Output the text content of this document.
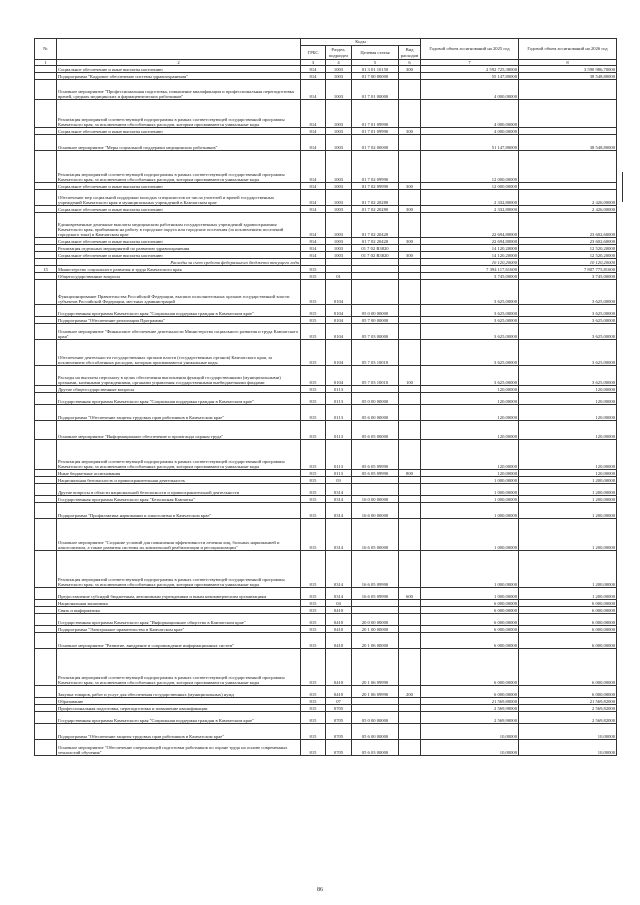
№		Коды				Годовой объем ассигнований на 2025 год	Годовой объем ассигнований на 2026 год
		ГРБС	Раздел, подраздел	Целевая статья	Вид расходов		
1	2	3	4	5	6	7	8
	Социальное обеспечение и иные выплаты населению	814	1003	01 3 01 10150	300	2 592 725,38000	3 590 986,70000
	Подпрограмма "Кадровое обеспечение системы здравоохранения"	814	1003	01 7 00 00000		55 147,80000	38 548,80000
	Основное мероприятие "Профессиональная подготовка, повышение квалификации и профессиональная переподготовка врачей, средних медицинских и фармацевтических работников"	814	1003	01 7 01 00000		4 000,00000	
	Реализация мероприятий соответствующей подпрограммы в рамках соответствующей государственной программы Камчатского края, за исключением обособленных расходов, которым присваиваются уникальные коды	814	1003	01 7 01 09990		4 000,00000	
	Социальное обеспечение и иные выплаты населению	814	1003	01 7 01 09990	300	4 000,00000	
	Основное мероприятие "Меры социальной поддержки медицинских работников"	814	1003	01 7 02 00000		51 147,80000	38 548,80000
	Реализация мероприятий соответствующей подпрограммы в рамках соответствующей государственной программы Камчатского края, за исключением обособленных расходов, которым присваиваются уникальные коды	814	1003	01 7 02 09990		12 000,00000	
	Социальное обеспечение и иные выплаты населению	814	1003	01 7 02 09990	300	12 000,00000	
	Обеспечение мер социальной поддержки молодых специалистов из числа учителей и врачей государственных учреждений Камчатского края и муниципальных учреждений в Камчатском крае	814	1003	01 7 02 20280		2 332,80000	2 426,00000
	Социальное обеспечение и иные выплаты населению	814	1003	01 7 02 20280	300	2 332,80000	2 426,00000
	Единовременные денежные выплаты медицинским работникам государственных учреждений здравоохранения Камчатского края, прибывшим на работу в городские округа или городские поселения (за исключением поселений городского типа) в Камчатском крае	814	1003	01 7 02 20420		22 694,80000	23 602,60000
	Социальное обеспечение и иные выплаты населению	814	1003	01 7 02 20420	300	22 694,80000	23 602,60000
	Реализация отдельных мероприятий по развитию здравоохранения	814	1003	01 7 02 R3820		14 120,20000	12 520,20000
	Социальное обеспечение и иные выплаты населению	814	1003	01 7 02 R3820	300	14 120,20000	12 520,20000
	Расходы за счет средств федерального бюджета текущего года					10 120,20000	10 120,20000
15	Министерство социального развития и труда Камчатского края	815				7 394 117,61600	7 807 775,81600
	Общегосударственные вопросы	815	01			3 745,00000	3 745,00000
	Функционирование Правительства Российской Федерации, высших исполнительных органов государственной власти субъектов Российской Федерации, местных администраций	815	0104			3 625,00000	3 625,00000
	Государственная программа Камчатского края "Социальная поддержка граждан в Камчатском крае"	815	0104	05 0 00 00000		3 625,00000	3 625,00000
	Подпрограмма "Обеспечение реализации Программы"	815	0104	05 7 00 00000		3 625,00000	3 625,00000
	Основное мероприятие "Финансовое обеспечение деятельности Министерства социального развития и труда Камчатского края"	815	0104	05 7 03 00000		3 625,00000	3 625,00000
	Обеспечение деятельности государственных органов власти (государственных органов) Камчатского края, за исключением обособленных расходов, которым присваиваются уникальные коды	815	0104	05 7 03 10010		3 625,00000	3 625,00000
	Расходы на выплаты персоналу в целях обеспечения выполнения функций государственными (муниципальными) органами, казенными учреждениями, органами управления государственными внебюджетными фондами	815	0104	05 7 03 10010	100	3 625,00000	3 625,00000
	Другие общегосударственные вопросы	815	0113			120,00000	120,00000
	Государственная программа Камчатского края "Социальная поддержка граждан в Камчатском крае"	815	0113	05 0 00 00000		120,00000	120,00000
	Подпрограмма "Обеспечение защиты трудовых прав работников в Камчатском крае"	815	0113	05 6 00 00000		120,00000	120,00000
	Основное мероприятие "Информационное обеспечение и пропаганда охраны труда"	815	0113	05 6 05 00000		120,00000	120,00000
	Реализация мероприятий соответствующей подпрограммы в рамках соответствующей государственной программы Камчатского края, за исключением обособленных расходов, которым присваиваются уникальные коды	815	0113	05 6 05 09990		120,00000	120,00000
	Иные бюджетные ассигнования	815	0113	05 6 05 09990	800	120,00000	120,00000
	Национальная безопасность и правоохранительная деятельность	815	03			1 000,00000	1 200,00000
	Другие вопросы в области национальной безопасности и правоохранительной деятельности	815	0314			1 000,00000	1 200,00000
	Государственная программа Камчатского края "Безопасная Камчатка"	815	0314	16 0 00 00000		1 000,00000	1 200,00000
	Подпрограмма "Профилактика наркомании и алкоголизма в Камчатском крае"	815	0314	16 6 00 00000		1 000,00000	1 200,00000
	Основное мероприятие "Создание условий для повышения эффективности лечения лиц, больных наркоманией и алкоголизмом, а также развития системы их комплексной реабилитации и ресоциализации"	815	0314	16 6 05 00000		1 000,00000	1 200,00000
	Реализация мероприятий соответствующей подпрограммы в рамках соответствующей государственной программы Камчатского края, за исключением обособленных расходов, которым присваиваются уникальные коды	815	0314	16 6 05 09990		1 000,00000	1 200,00000
	Предоставление субсидий бюджетным, автономным учреждениям и иным некоммерческим организациям	815	0314	16 6 05 09990	600	1 000,00000	1 200,00000
	Национальная экономика	815	04			6 000,00000	6 000,00000
	Связь и информатика	815	0410			6 000,00000	6 000,00000
	Государственная программа Камчатского края "Информационное общество в Камчатском крае"	815	0410	20 0 00 00000		6 000,00000	6 000,00000
	Подпрограмма "Электронное правительство в Камчатском крае"	815	0410	20 1 00 00000		6 000,00000	6 000,00000
	Основное мероприятие "Развитие, внедрение и сопровождение информационных систем"	815	0410	20 1 06 00000		6 000,00000	6 000,00000
	Реализация мероприятий соответствующей подпрограммы в рамках соответствующей государственной программы Камчатского края, за исключением обособленных расходов, которым присваиваются уникальные коды	815	0410	20 1 06 09990		6 000,00000	6 000,00000
	Закупка товаров, работ и услуг для обеспечения государственных (муниципальных) нужд	815	0410	20 1 06 09990	200	6 000,00000	6 000,00000
	Образование	815	07			21 569,80000	21 569,82000
	Профессиональная подготовка, переподготовка и повышение квалификации	815	0705			2 569,90000	2 569,82000
	Государственная программа Камчатского края "Социальная поддержка граждан в Камчатском крае"	815	0705	05 0 00 00000		2 569,90000	2 569,82000
	Подпрограмма "Обеспечение защиты трудовых прав работников в Камчатском крае"	815	0705	05 6 00 00000		10,00000	10,00000
	Основное мероприятие "Обеспечение опережающей подготовки работников по охране труда на основе современных технологий обучения"	815	0705	05 6 03 00000		10,00000	10,00000
86
